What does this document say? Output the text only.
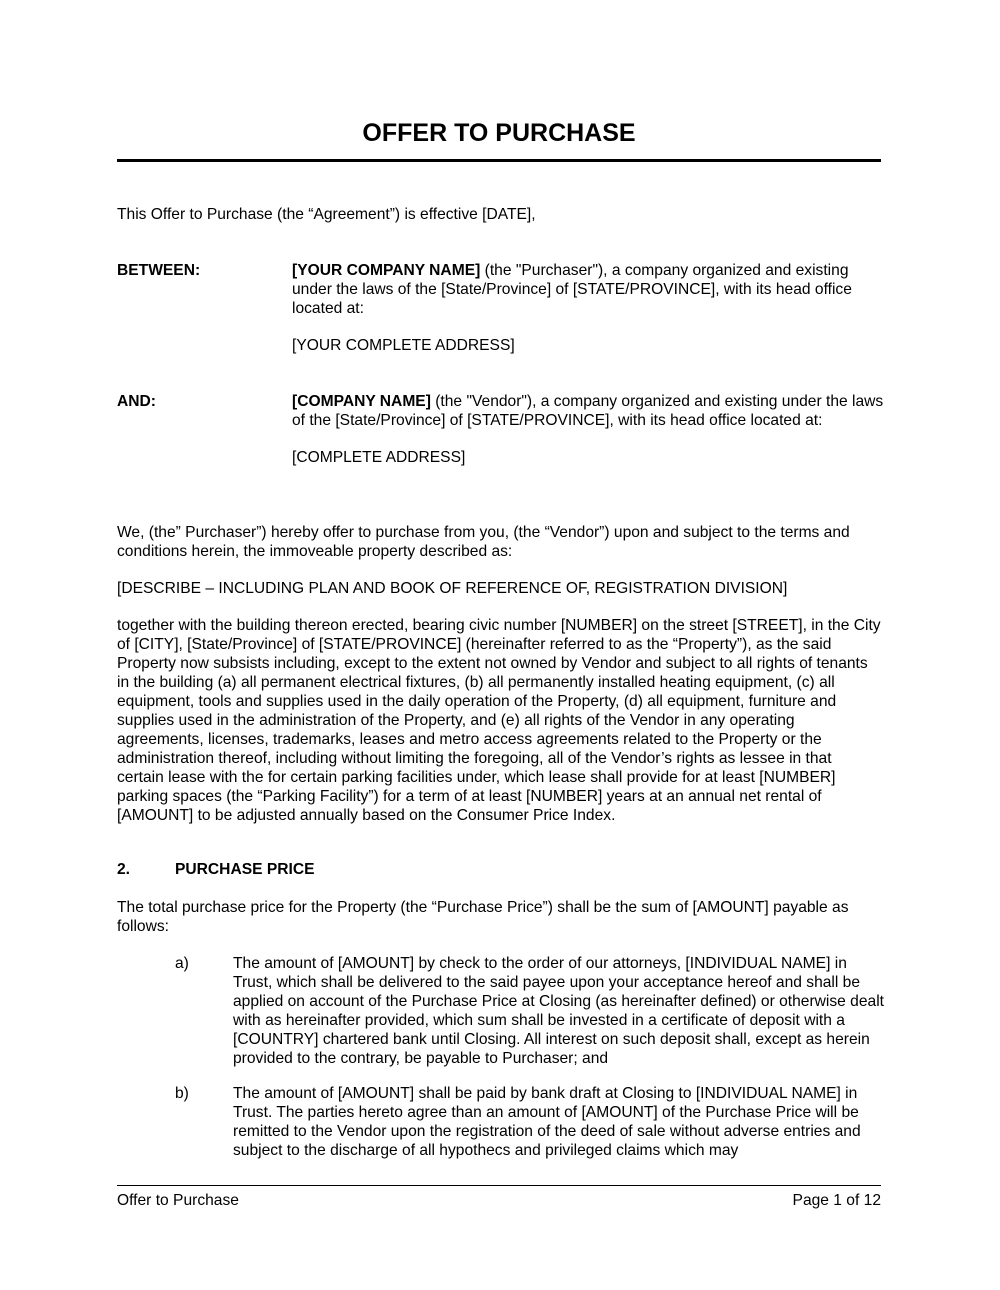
OFFER TO PURCHASE

This Offer to Purchase (the “Agreement”) is effective [DATE],

BETWEEN:	[YOUR COMPANY NAME] (the "Purchaser"), a company organized and existing under the laws of the [State/Province] of [STATE/PROVINCE], with its head office located at:

[YOUR COMPLETE ADDRESS]

AND:	[COMPANY NAME] (the "Vendor"), a company organized and existing under the laws of the [State/Province] of [STATE/PROVINCE], with its head office located at:

[COMPLETE ADDRESS]

We, (the” Purchaser”) hereby offer to purchase from you, (the “Vendor”) upon and subject to the terms and conditions herein, the immoveable property described as:

[DESCRIBE – INCLUDING PLAN AND BOOK OF REFERENCE OF, REGISTRATION DIVISION]

together with the building thereon erected, bearing civic number [NUMBER] on the street [STREET], in the City of [CITY], [State/Province] of [STATE/PROVINCE] (hereinafter referred to as the “Property”), as the said Property now subsists including, except to the extent not owned by Vendor and subject to all rights of tenants in the building (a) all permanent electrical fixtures, (b) all permanently installed heating equipment, (c) all equipment, tools and supplies used in the daily operation of the Property, (d) all equipment, furniture and supplies used in the administration of the Property, and (e) all rights of the Vendor in any operating agreements, licenses, trademarks, leases and metro access agreements related to the Property or the administration thereof, including without limiting the foregoing, all of the Vendor’s rights as lessee in that certain lease with the for certain parking facilities under, which lease shall provide for at least [NUMBER] parking spaces (the “Parking Facility”) for a term of at least [NUMBER] years at an annual net rental of [AMOUNT] to be adjusted annually based on the Consumer Price Index.

2.	PURCHASE PRICE

The total purchase price for the Property (the “Purchase Price”) shall be the sum of [AMOUNT] payable as follows:

a)	The amount of [AMOUNT] by check to the order of our attorneys, [INDIVIDUAL NAME] in Trust, which shall be delivered to the said payee upon your acceptance hereof and shall be applied on account of the Purchase Price at Closing (as hereinafter defined) or otherwise dealt with as hereinafter provided, which sum shall be invested in a certificate of deposit with a [COUNTRY] chartered bank until Closing. All interest on such deposit shall, except as herein provided to the contrary, be payable to Purchaser; and

b)	The amount of [AMOUNT] shall be paid by bank draft at Closing to [INDIVIDUAL NAME] in Trust. The parties hereto agree than an amount of [AMOUNT] of the Purchase Price will be remitted to the Vendor upon the registration of the deed of sale without adverse entries and subject to the discharge of all hypothecs and privileged claims which may

Offer to Purchase	Page 1 of 12
